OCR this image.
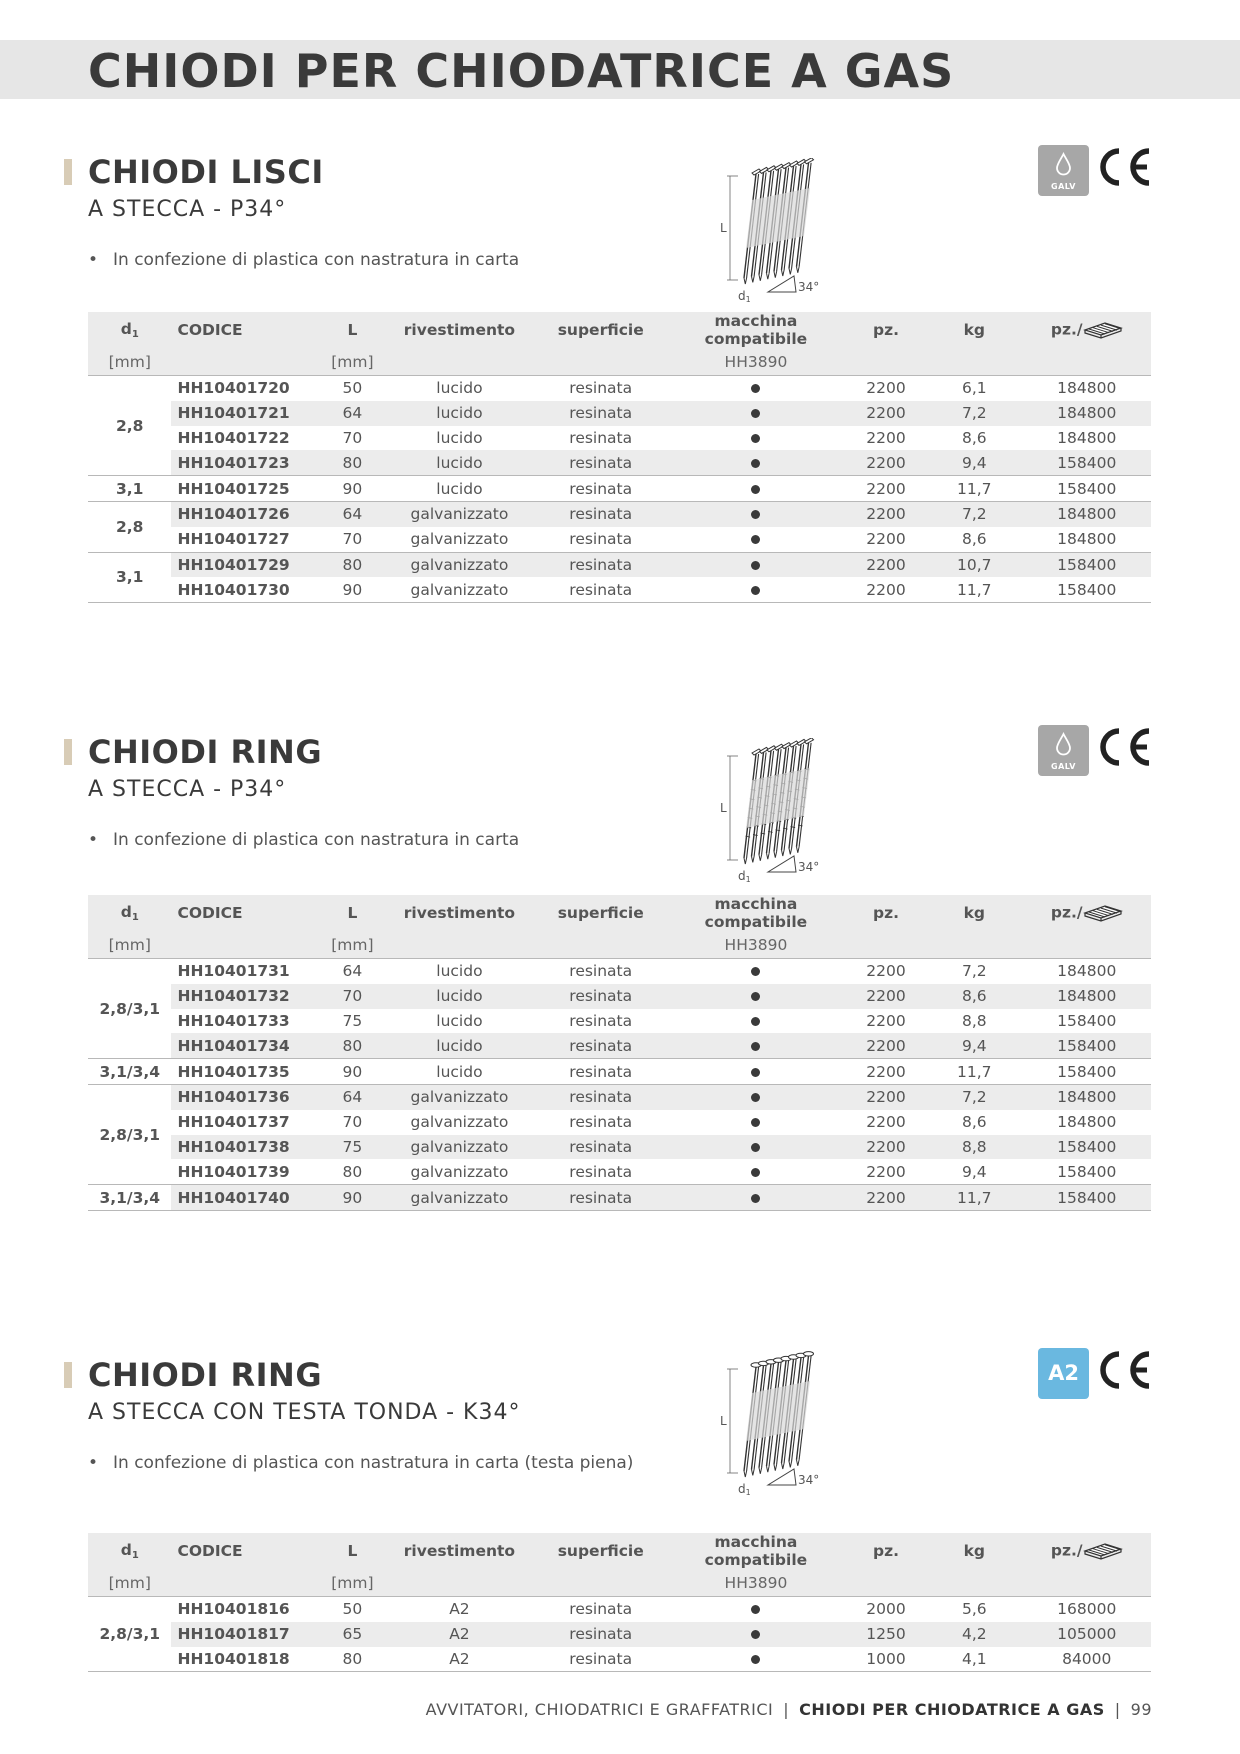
CHIODI PER CHIODATRICE A GAS
CHIODI LISCI

A STECCA - P34°

• In confezione di plastica con nastratura in carta
L
34°
d1
GALV
d1	CODICE	L	rivestimento	superficie	macchina compatibile	pz.	kg	pz./
[mm]		[mm]			HH3890			
2,8	HH10401720	50	lucido	resinata		2200	6,1	184800
	HH10401721	64	lucido	resinata		2200	7,2	184800
	HH10401722	70	lucido	resinata		2200	8,6	184800
	HH10401723	80	lucido	resinata		2200	9,4	158400
3,1	HH10401725	90	lucido	resinata		2200	11,7	158400
2,8	HH10401726	64	galvanizzato	resinata		2200	7,2	184800
	HH10401727	70	galvanizzato	resinata		2200	8,6	184800
3,1	HH10401729	80	galvanizzato	resinata		2200	10,7	158400
	HH10401730	90	galvanizzato	resinata		2200	11,7	158400
CHIODI RING

A STECCA - P34°

• In confezione di plastica con nastratura in carta
L
34°
d1
GALV
d1	CODICE	L	rivestimento	superficie	macchina compatibile	pz.	kg	pz./
[mm]		[mm]			HH3890			
2,8/3,1	HH10401731	64	lucido	resinata		2200	7,2	184800
	HH10401732	70	lucido	resinata		2200	8,6	184800
	HH10401733	75	lucido	resinata		2200	8,8	158400
	HH10401734	80	lucido	resinata		2200	9,4	158400
3,1/3,4	HH10401735	90	lucido	resinata		2200	11,7	158400
2,8/3,1	HH10401736	64	galvanizzato	resinata		2200	7,2	184800
	HH10401737	70	galvanizzato	resinata		2200	8,6	184800
	HH10401738	75	galvanizzato	resinata		2200	8,8	158400
	HH10401739	80	galvanizzato	resinata		2200	9,4	158400
3,1/3,4	HH10401740	90	galvanizzato	resinata		2200	11,7	158400
CHIODI RING

A STECCA CON TESTA TONDA - K34°

• In confezione di plastica con nastratura in carta (testa piena)
L
34°
d1
A2
d1	CODICE	L	rivestimento	superficie	macchina compatibile	pz.	kg	pz./
[mm]		[mm]			HH3890			
2,8/3,1	HH10401816	50	A2	resinata		2000	5,6	168000
	HH10401817	65	A2	resinata		1250	4,2	105000
	HH10401818	80	A2	resinata		1000	4,1	84000
AVVITATORI, CHIODATRICI E GRAFFATRICI | CHIODI PER CHIODATRICE A GAS | 99
